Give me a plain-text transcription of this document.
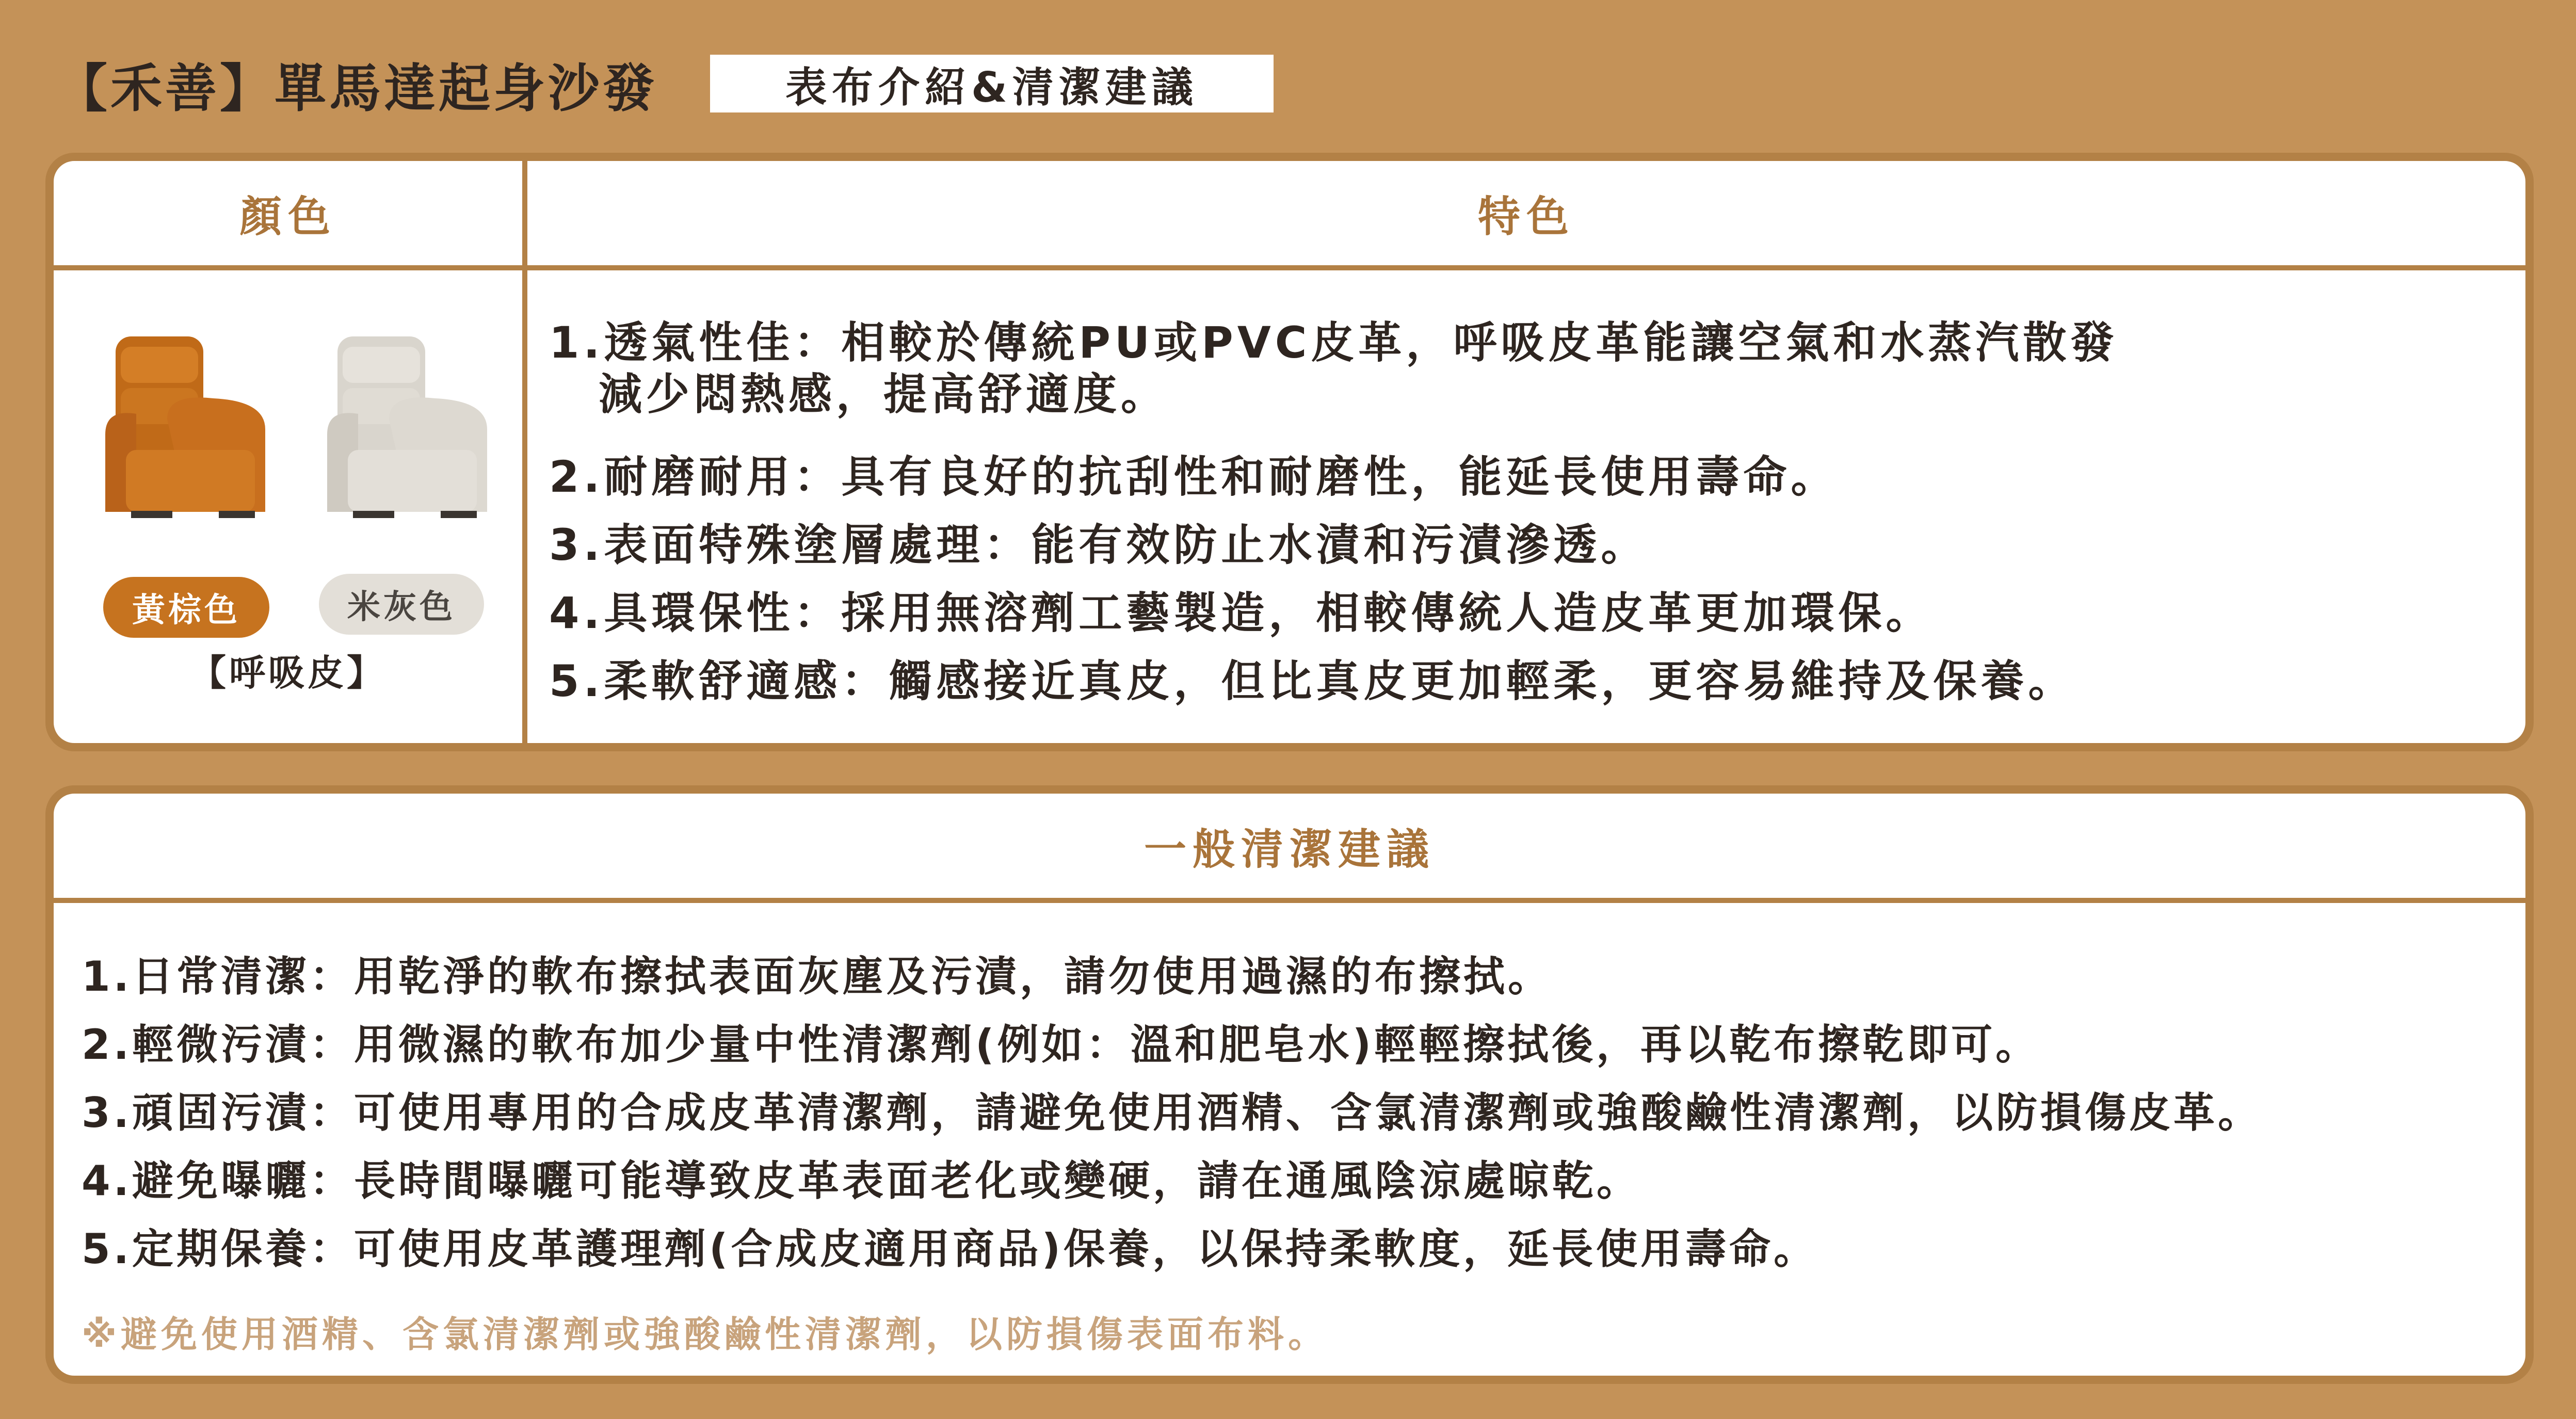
【禾善】單馬達起身沙發	表布介紹&清潔建議
顏色	特色
黃棕色	米灰色
【呼吸皮】
1.透氣性佳：相較於傳統PU或PVC皮革，呼吸皮革能讓空氣和水蒸汽散發
減少悶熱感，提高舒適度。
2.耐磨耐用：具有良好的抗刮性和耐磨性，能延長使用壽命。
3.表面特殊塗層處理：能有效防止水漬和污漬滲透。
4.具環保性：採用無溶劑工藝製造，相較傳統人造皮革更加環保。
5.柔軟舒適感：觸感接近真皮，但比真皮更加輕柔，更容易維持及保養。
一般清潔建議
1.日常清潔：用乾淨的軟布擦拭表面灰塵及污漬，請勿使用過濕的布擦拭。
2.輕微污漬：用微濕的軟布加少量中性清潔劑(例如：溫和肥皂水)輕輕擦拭後，再以乾布擦乾即可。
3.頑固污漬：可使用專用的合成皮革清潔劑，請避免使用酒精、含氯清潔劑或強酸鹼性清潔劑，以防損傷皮革。
4.避免曝曬：長時間曝曬可能導致皮革表面老化或變硬，請在通風陰涼處晾乾。
5.定期保養：可使用皮革護理劑(合成皮適用商品)保養，以保持柔軟度，延長使用壽命。
※避免使用酒精、含氯清潔劑或強酸鹼性清潔劑，以防損傷表面布料。
